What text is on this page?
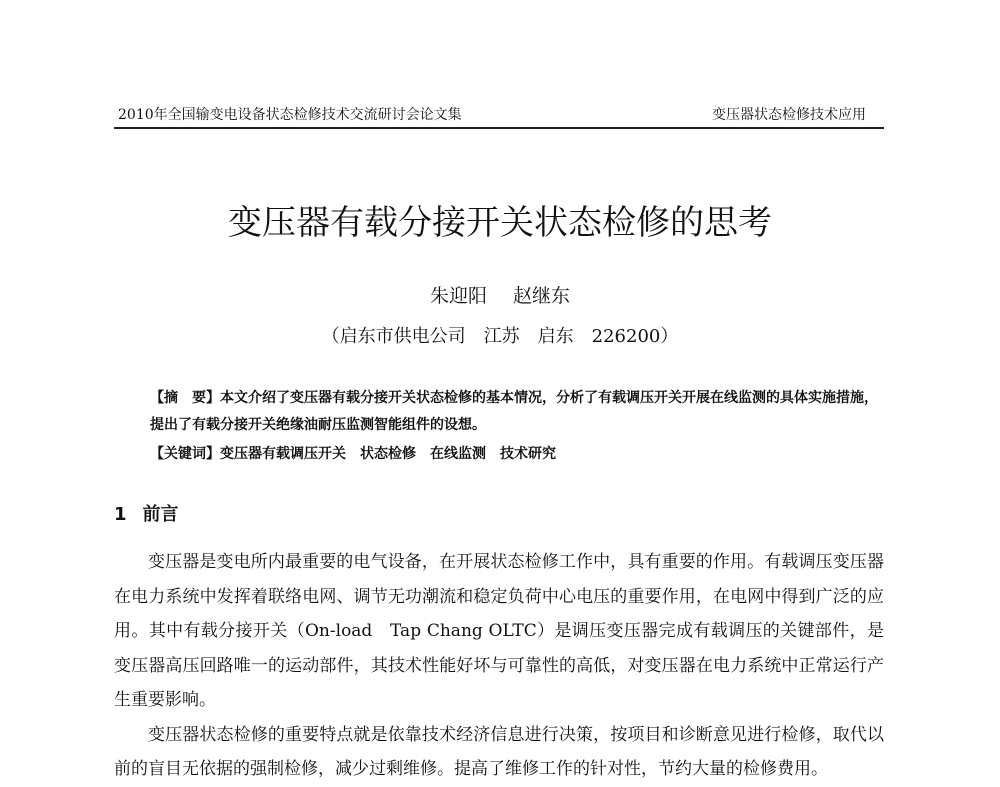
2010年全国输变电设备状态检修技术交流研讨会论文集	变压器状态检修技术应用
变压器有载分接开关状态检修的思考
朱迎阳 赵继东
（启东市供电公司　江苏　启东　226200）
【摘　要】本文介绍了变压器有载分接开关状态检修的基本情况，分析了有载调压开关开展在线监测的具体实施措施，提出了有载分接开关绝缘油耐压监测智能组件的设想。
【关键词】变压器有载调压开关 状态检修 在线监测 技术研究
1 前言

变压器是变电所内最重要的电气设备，在开展状态检修工作中，具有重要的作用。有载调压变压器在电力系统中发挥着联络电网、调节无功潮流和稳定负荷中心电压的重要作用，在电网中得到广泛的应用。其中有载分接开关（On-load　Tap Chang OLTC）是调压变压器完成有载调压的关键部件，是变压器高压回路唯一的运动部件，其技术性能好坏与可靠性的高低，对变压器在电力系统中正常运行产生重要影响。

变压器状态检修的重要特点就是依靠技术经济信息进行决策，按项目和诊断意见进行检修，取代以前的盲目无依据的强制检修，减少过剩维修。提高了维修工作的针对性，节约大量的检修费用。
